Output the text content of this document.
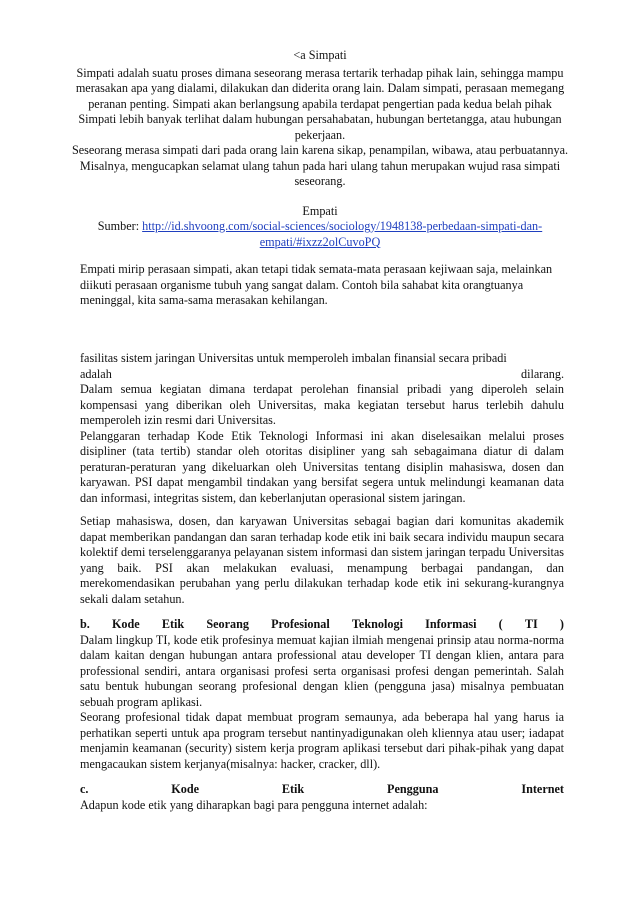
<a Simpati

Simpati adalah suatu proses dimana seseorang merasa tertarik terhadap pihak lain, sehingga mampu merasakan apa yang dialami, dilakukan dan diderita orang lain. Dalam simpati, perasaan memegang peranan penting. Simpati akan berlangsung apabila terdapat pengertian pada kedua belah pihak Simpati lebih banyak terlihat dalam hubungan persahabatan, hubungan bertetangga, atau hubungan pekerjaan.

Seseorang merasa simpati dari pada orang lain karena sikap, penampilan, wibawa, atau perbuatannya. Misalnya, mengucapkan selamat ulang tahun pada hari ulang tahun merupakan wujud rasa simpati seseorang.

Empati

Sumber: http://id.shvoong.com/social-sciences/sociology/1948138-perbedaan-simpati-dan-empati/#ixzz2olCuvoPQ

Empati mirip perasaan simpati, akan tetapi tidak semata-mata perasaan kejiwaan saja, melainkan diikuti perasaan organisme tubuh yang sangat dalam. Contoh bila sahabat kita orangtuanya meninggal, kita sama-sama merasakan kehilangan.

fasilitas sistem jaringan Universitas untuk memperoleh imbalan finansial secara pribadi

adalah	dilarang.

Dalam semua kegiatan dimana terdapat perolehan finansial pribadi yang diperoleh selain kompensasi yang diberikan oleh Universitas, maka kegiatan tersebut harus terlebih dahulu memperoleh izin resmi dari Universitas.

Pelanggaran terhadap Kode Etik Teknologi Informasi ini akan diselesaikan melalui proses disipliner (tata tertib) standar oleh otoritas disipliner yang sah sebagaimana diatur di dalam peraturan-peraturan yang dikeluarkan oleh Universitas tentang disiplin mahasiswa, dosen dan karyawan. PSI dapat mengambil tindakan yang bersifat segera untuk melindungi keamanan data dan informasi, integritas sistem, dan keberlanjutan operasional sistem jaringan.

Setiap mahasiswa, dosen, dan karyawan Universitas sebagai bagian dari komunitas akademik dapat memberikan pandangan dan saran terhadap kode etik ini baik secara individu maupun secara kolektif demi terselenggaranya pelayanan sistem informasi dan sistem jaringan terpadu Universitas yang baik. PSI akan melakukan evaluasi, menampung berbagai pandangan, dan merekomendasikan perubahan yang perlu dilakukan terhadap kode etik ini sekurang-kurangnya sekali dalam setahun.

b. Kode Etik Seorang Profesional Teknologi Informasi ( TI )

Dalam lingkup TI, kode etik profesinya memuat kajian ilmiah mengenai prinsip atau norma-norma dalam kaitan dengan hubungan antara professional atau developer TI dengan klien, antara para professional sendiri, antara organisasi profesi serta organisasi profesi dengan pemerintah. Salah satu bentuk hubungan seorang profesional dengan klien (pengguna jasa) misalnya pembuatan sebuah program aplikasi.

Seorang profesional tidak dapat membuat program semaunya, ada beberapa hal yang harus ia perhatikan seperti untuk apa program tersebut nantinyadigunakan oleh kliennya atau user; iadapat menjamin keamanan (security) sistem kerja program aplikasi tersebut dari pihak-pihak yang dapat mengacaukan sistem kerjanya(misalnya: hacker, cracker, dll).

c.	Kode	Etik	Pengguna	Internet

Adapun kode etik yang diharapkan bagi para pengguna internet adalah:
